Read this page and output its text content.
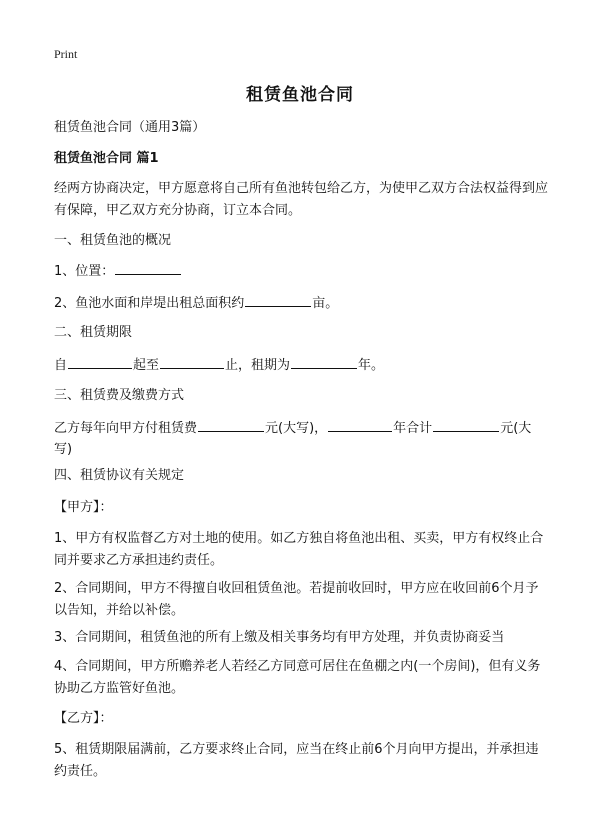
Print
租赁鱼池合同
租赁鱼池合同（通用3篇）
租赁鱼池合同 篇1
经两方协商决定，甲方愿意将自己所有鱼池转包给乙方，为使甲乙双方合法权益得到应有保障，甲乙双方充分协商，订立本合同。
一、租赁鱼池的概况
1、位置：
2、鱼池水面和岸堤出租总面积约	亩。
二、租赁期限
自	起至	止，租期为	年。
三、租赁费及缴费方式
乙方每年向甲方付租赁费	元(大写)，	年合计	元(大
写)
四、租赁协议有关规定
【甲方】：
1、甲方有权监督乙方对土地的使用。如乙方独自将鱼池出租、买卖，甲方有权终止合同并要求乙方承担违约责任。
2、合同期间，甲方不得擅自收回租赁鱼池。若提前收回时，甲方应在收回前6个月予以告知，并给以补偿。
3、合同期间，租赁鱼池的所有上缴及相关事务均有甲方处理，并负责协商妥当
4、合同期间，甲方所赡养老人若经乙方同意可居住在鱼棚之内(一个房间)，但有义务协助乙方监管好鱼池。
【乙方】：
5、租赁期限届满前，乙方要求终止合同，应当在终止前6个月向甲方提出，并承担违约责任。
